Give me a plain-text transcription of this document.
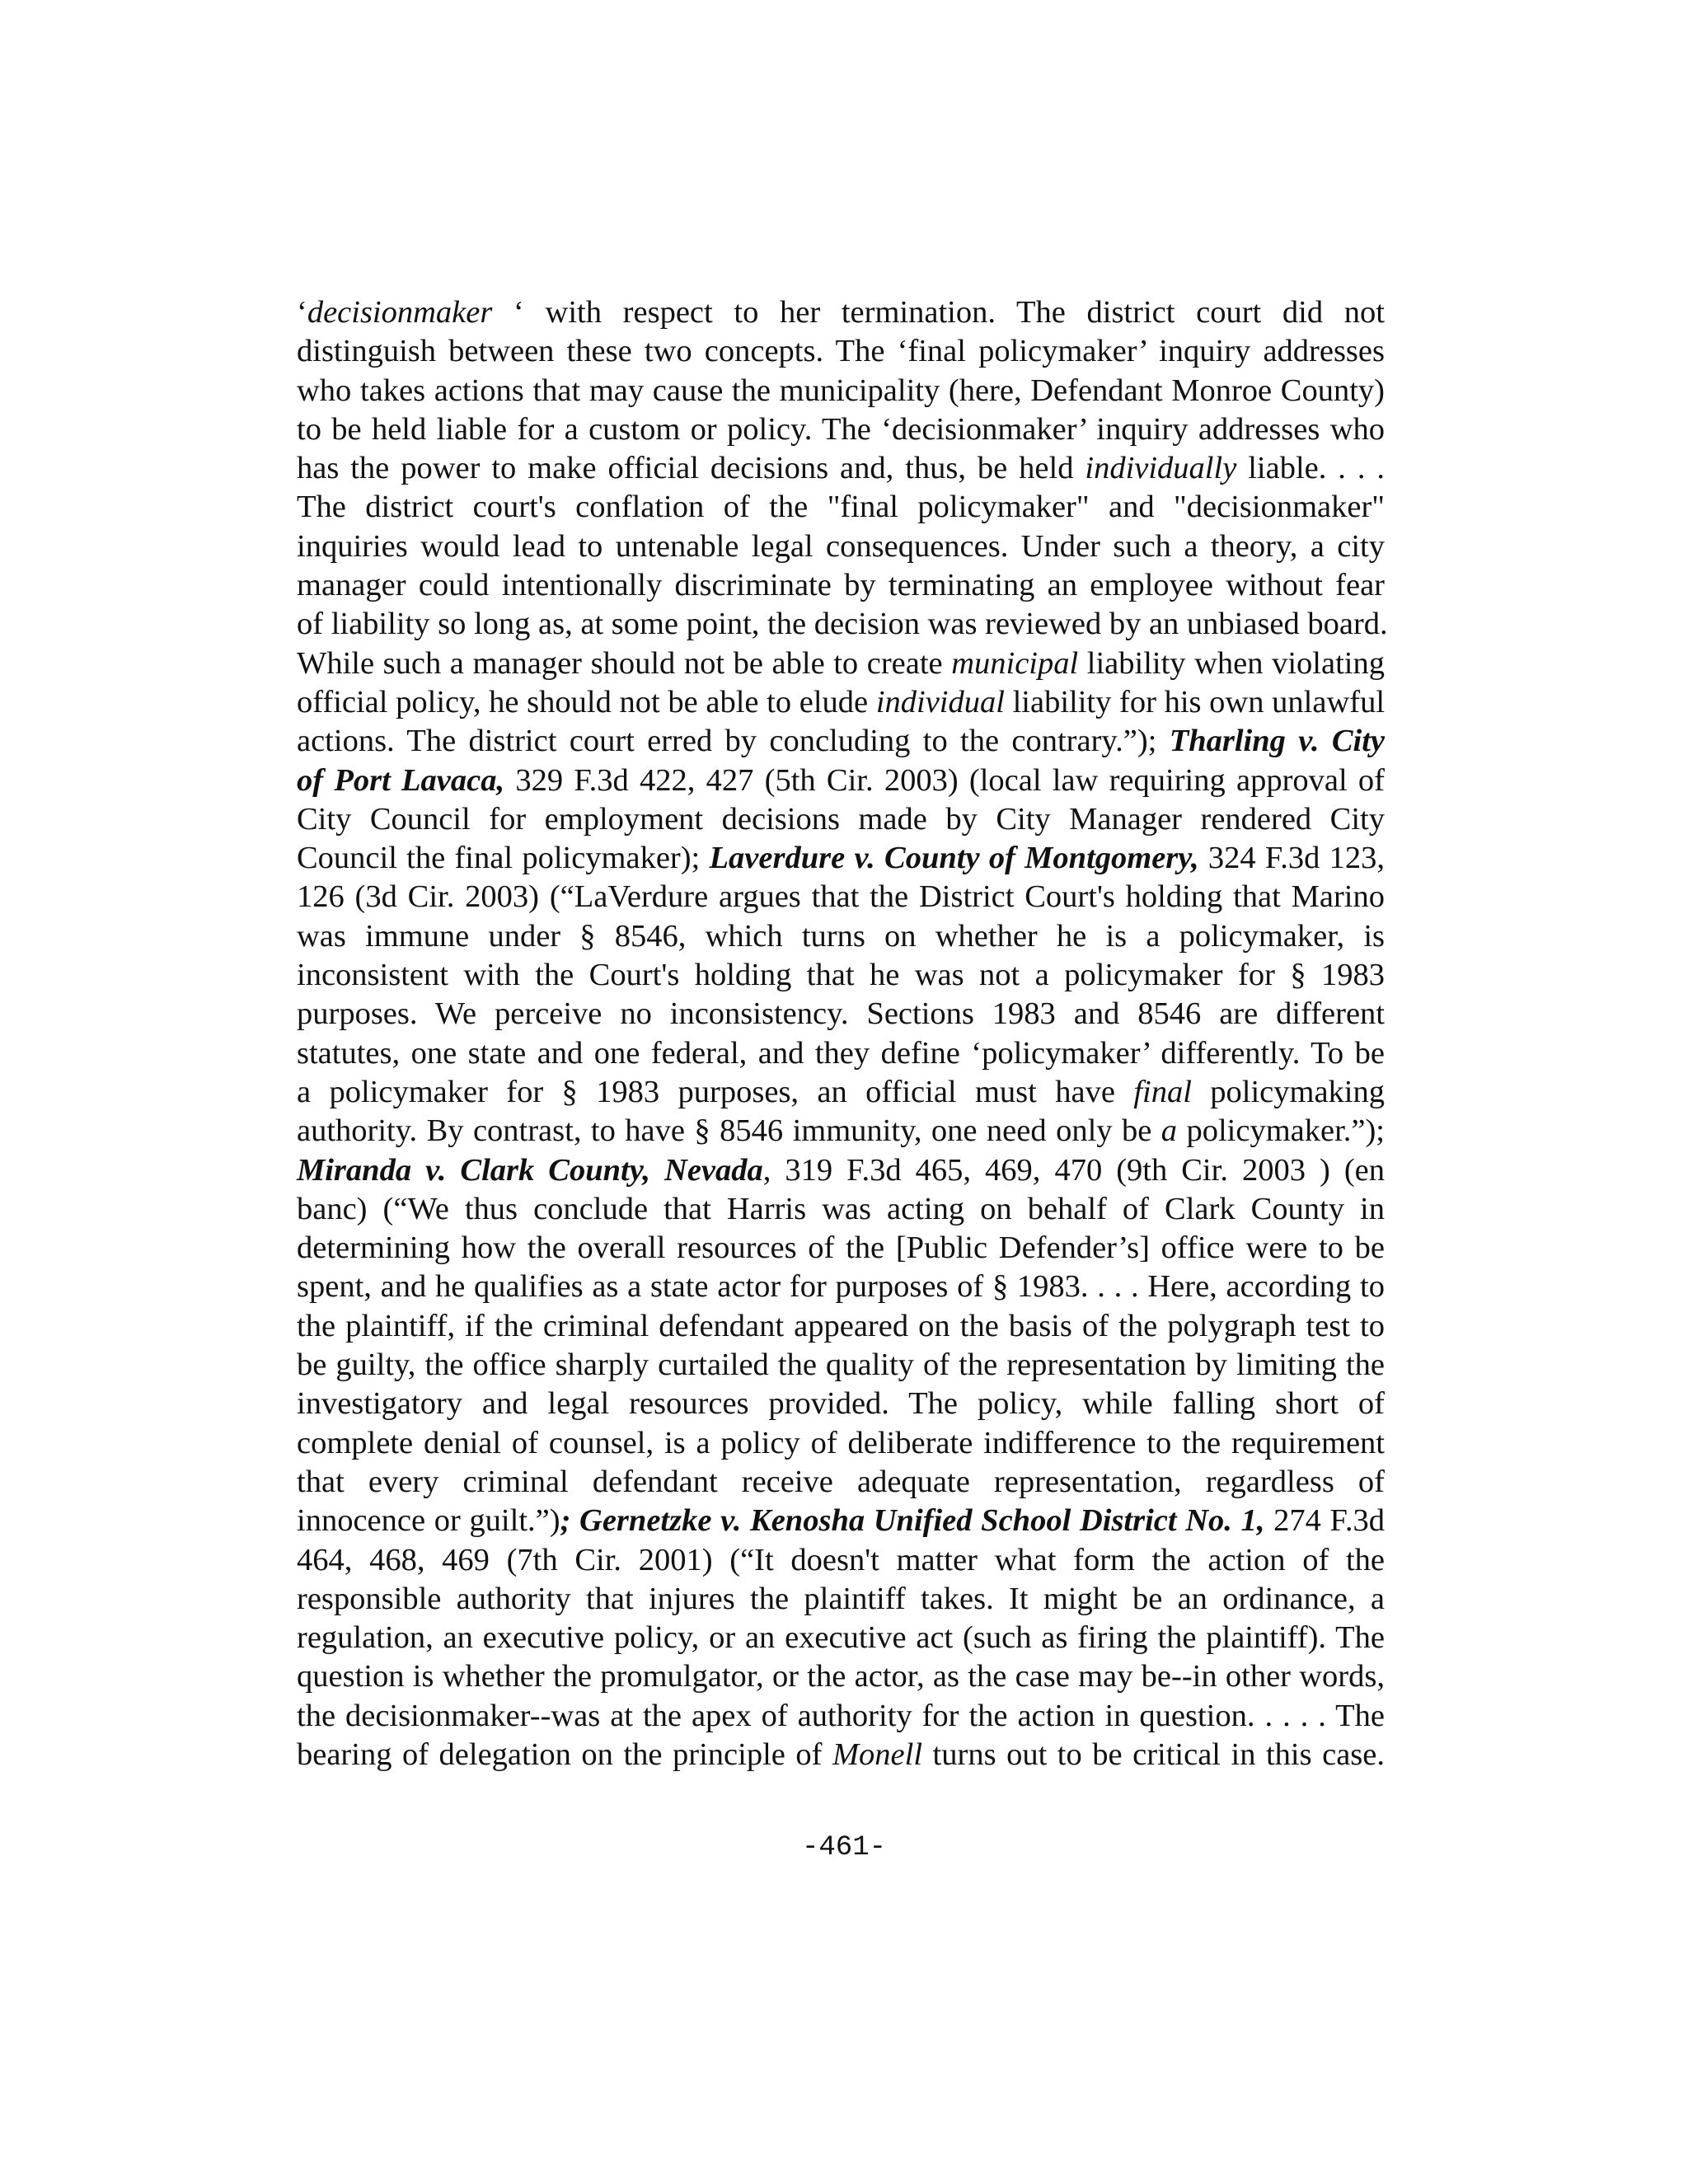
‘decisionmaker ‘ with respect to her termination. The district court did not
distinguish between these two concepts. The ‘final policymaker’ inquiry addresses
who takes actions that may cause the municipality (here, Defendant Monroe County)
to be held liable for a custom or policy. The ‘decisionmaker’ inquiry addresses who
has the power to make official decisions and, thus, be held individually liable. . . .
The district court's conflation of the "final policymaker" and "decisionmaker"
inquiries would lead to untenable legal consequences. Under such a theory, a city
manager could intentionally discriminate by terminating an employee without fear
of liability so long as, at some point, the decision was reviewed by an unbiased board.
While such a manager should not be able to create municipal liability when violating
official policy, he should not be able to elude individual liability for his own unlawful
actions. The district court erred by concluding to the contrary.”); Tharling v. City
of Port Lavaca, 329 F.3d 422, 427 (5th Cir. 2003) (local law requiring approval of
City Council for employment decisions made by City Manager rendered City
Council the final policymaker); Laverdure v. County of Montgomery, 324 F.3d 123,
126 (3d Cir. 2003) (“LaVerdure argues that the District Court's holding that Marino
was immune under § 8546, which turns on whether he is a policymaker, is
inconsistent with the Court's holding that he was not a policymaker for § 1983
purposes. We perceive no inconsistency. Sections 1983 and 8546 are different
statutes, one state and one federal, and they define ‘policymaker’ differently. To be
a policymaker for § 1983 purposes, an official must have final policymaking
authority. By contrast, to have § 8546 immunity, one need only be a policymaker.”);
Miranda v. Clark County, Nevada, 319 F.3d 465, 469, 470 (9th Cir. 2003 ) (en
banc) (“We thus conclude that Harris was acting on behalf of Clark County in
determining how the overall resources of the [Public Defender’s] office were to be
spent, and he qualifies as a state actor for purposes of § 1983. . . . Here, according to
the plaintiff, if the criminal defendant appeared on the basis of the polygraph test to
be guilty, the office sharply curtailed the quality of the representation by limiting the
investigatory and legal resources provided. The policy, while falling short of
complete denial of counsel, is a policy of deliberate indifference to the requirement
that every criminal defendant receive adequate representation, regardless of
innocence or guilt.”); Gernetzke v. Kenosha Unified School District No. 1, 274 F.3d
464, 468, 469 (7th Cir. 2001) (“It doesn't matter what form the action of the
responsible authority that injures the plaintiff takes. It might be an ordinance, a
regulation, an executive policy, or an executive act (such as firing the plaintiff). The
question is whether the promulgator, or the actor, as the case may be--in other words,
the decisionmaker--was at the apex of authority for the action in question. . . . . The
bearing of delegation on the principle of Monell turns out to be critical in this case.
-461-
